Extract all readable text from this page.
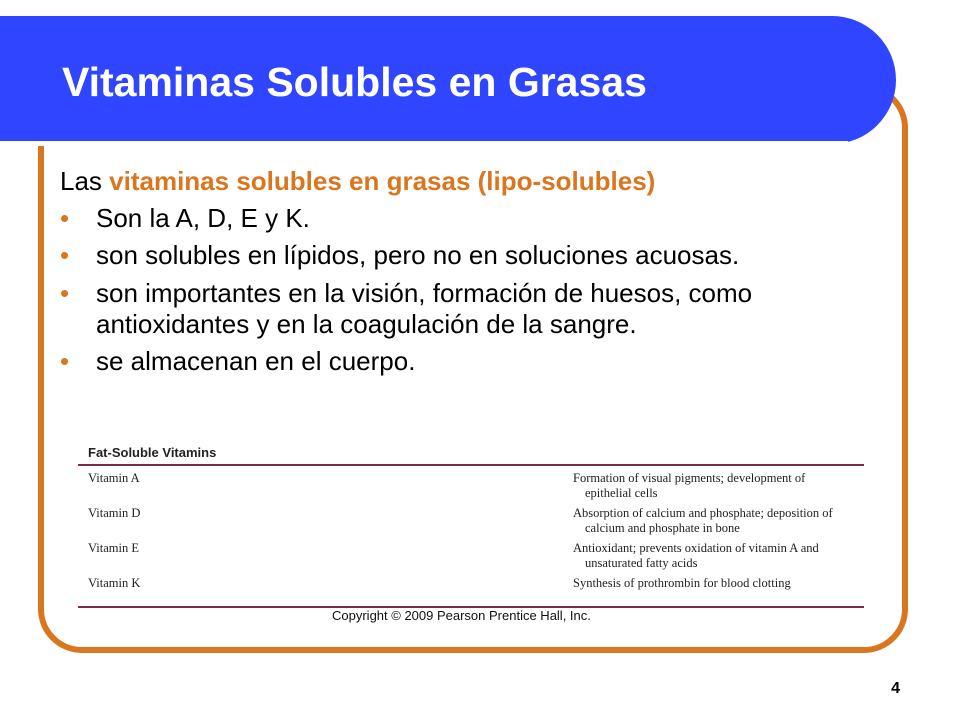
Vitaminas Solubles en Grasas

Las vitaminas solubles en grasas (lipo-solubles)

• Son la A, D, E y K.
• son solubles en lípidos, pero no en soluciones acuosas.
• son importantes en la visión, formación de huesos, como antioxidantes y en la coagulación de la sangre.
• se almacenan en el cuerpo.
Fat-Soluble Vitamins
Vitamin A	Formation of visual pigments; development of
epithelial cells
Vitamin D	Absorption of calcium and phosphate; deposition of
calcium and phosphate in bone
Vitamin E	Antioxidant; prevents oxidation of vitamin A and
unsaturated fatty acids
Vitamin K	Synthesis of prothrombin for blood clotting
Copyright © 2009 Pearson Prentice Hall, Inc.
4
